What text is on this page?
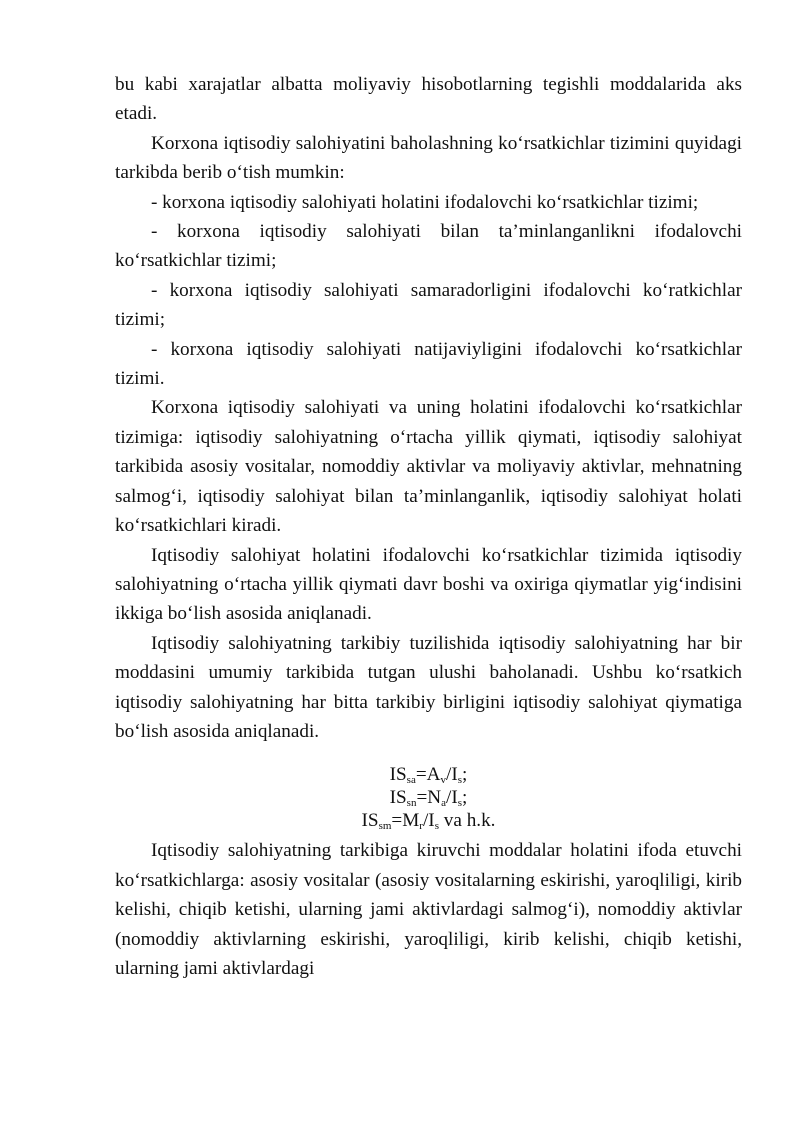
bu kabi xarajatlar albatta moliyaviy hisobotlarning tegishli moddalarida aks etadi.

Korxona iqtisodiy salohiyatini baholashning koʻrsatkichlar tizimini quyidagi tarkibda berib oʻtish mumkin:

- korxona iqtisodiy salohiyati holatini ifodalovchi koʻrsatkichlar tizimi;

- korxona iqtisodiy salohiyati bilan taʼminlanganlikni ifodalovchi koʻrsatkichlar tizimi;

- korxona iqtisodiy salohiyati samaradorligini ifodalovchi koʻratkichlar tizimi;

- korxona iqtisodiy salohiyati natijaviyligini ifodalovchi koʻrsatkichlar tizimi.

Korxona iqtisodiy salohiyati va uning holatini ifodalovchi koʻrsatkichlar tizimiga: iqtisodiy salohiyatning oʻrtacha yillik qiymati, iqtisodiy salohiyat tarkibida asosiy vositalar, nomoddiy aktivlar va moliyaviy aktivlar, mehnatning salmogʻi, iqtisodiy salohiyat bilan taʼminlanganlik, iqtisodiy salohiyat holati koʻrsatkichlari kiradi.

Iqtisodiy salohiyat holatini ifodalovchi koʻrsatkichlar tizimida iqtisodiy salohiyatning oʻrtacha yillik qiymati davr boshi va oxiriga qiymatlar yigʻindisini ikkiga boʻlish asosida aniqlanadi.

Iqtisodiy salohiyatning tarkibiy tuzilishida iqtisodiy salohiyatning har bir moddasini umumiy tarkibida tutgan ulushi baholanadi. Ushbu koʻrsatkich iqtisodiy salohiyatning har bitta tarkibiy birligini iqtisodiy salohiyat qiymatiga boʻlish asosida aniqlanadi.

$IS_{sa}=A_v/I_s$;
$IS_{sn}=N_a/I_s$;
$IS_{sm}=M_r/I_s$ va h.k.

Iqtisodiy salohiyatning tarkibiga kiruvchi moddalar holatini ifoda etuvchi koʻrsatkichlarga: asosiy vositalar (asosiy vositalarning eskirishi, yaroqliligi, kirib kelishi, chiqib ketishi, ularning jami aktivlardagi salmogʻi), nomoddiy aktivlar (nomoddiy aktivlarning eskirishi, yaroqliligi, kirib kelishi, chiqib ketishi, ularning jami aktivlardagi
